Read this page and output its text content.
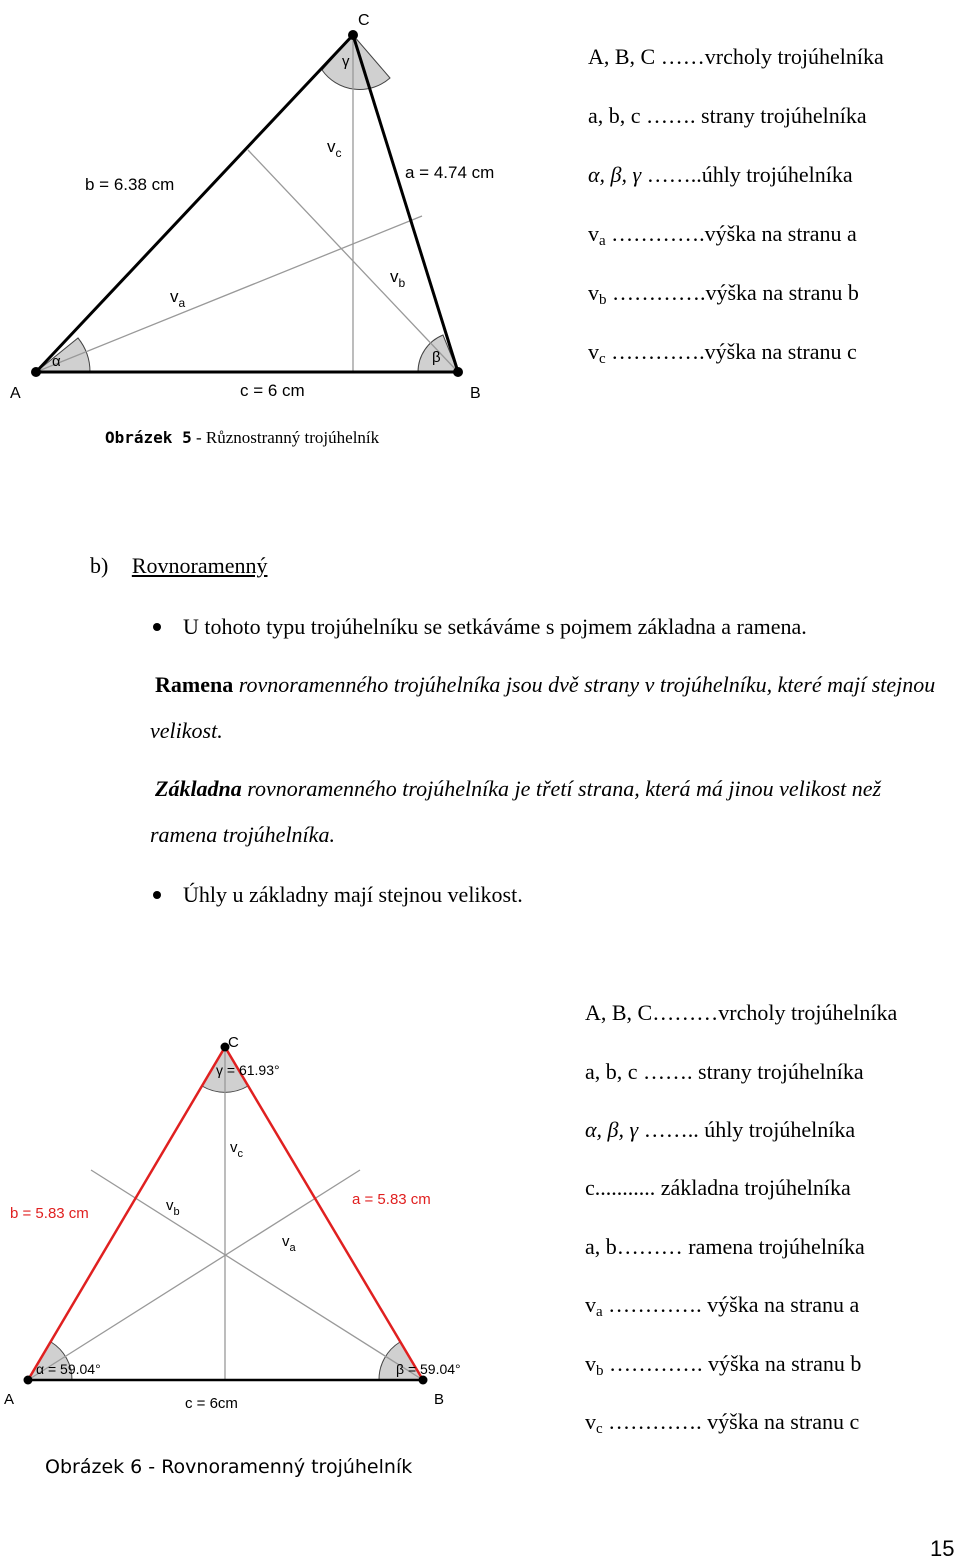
A	B
C
α	β
γ
a = 4.74 cm
b = 6.38 cm
c = 6 cm
$v_c$
$v_a$
$v_b$
Obrázek 5 - Různostranný trojúhelník
A, B, C ……vrcholy trojúhelníka
a, b, c ……. strany trojúhelníka
α, β, γ ……..úhly trojúhelníka
$v_a$ ………….výška na stranu a
$v_b$ ………….výška na stranu b
$v_c$ ………….výška na stranu c
b) Rovnoramenný
U tohoto typu trojúhelníku se setkáváme s pojmem základna a ramena.
Ramena rovnoramenného trojúhelníka jsou dvě strany v trojúhelníku, které mají stejnou velikost.
Základna rovnoramenného trojúhelníka je třetí strana, která má jinou velikost než ramena trojúhelníka.
Úhly u základny mají stejnou velikost.
A	B
C
α = 59.04°	β = 59.04°
γ = 61.93°
a = 5.83 cm
b = 5.83 cm
c = 6cm
$v_c$
$v_a$
$v_b$
Obrázek 6 - Rovnoramenný trojúhelník
A, B, C………vrcholy trojúhelníka
a, b, c ……. strany trojúhelníka
α, β, γ …….. úhly trojúhelníka
c........... základna trojúhelníka
a, b……… ramena trojúhelníka
$v_a$ …………. výška na stranu a
$v_b$ …………. výška na stranu b
$v_c$ …………. výška na stranu c
15
